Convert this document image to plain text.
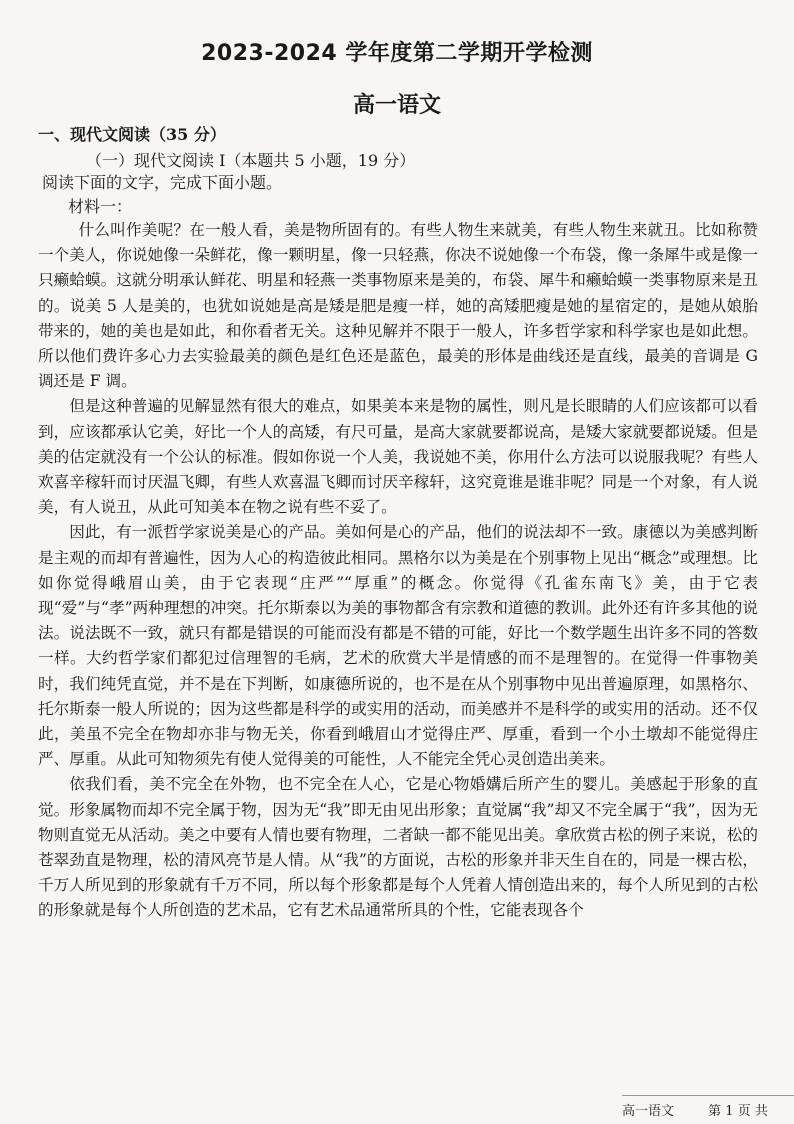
2023-2024 学年度第二学期开学检测
高一语文
一、现代文阅读（35 分）
（一）现代文阅读 I（本题共 5 小题，19 分）
阅读下面的文字，完成下面小题。
材料一：

什么叫作美呢？在一般人看，美是物所固有的。有些人物生来就美，有些人物生来就丑。比如称赞一个美人，你说她像一朵鲜花，像一颗明星，像一只轻燕，你决不说她像一个布袋，像一条犀牛或是像一只癞蛤蟆。这就分明承认鲜花、明星和轻燕一类事物原来是美的，布袋、犀牛和癞蛤蟆一类事物原来是丑的。说美 5 人是美的，也犹如说她是高是矮是肥是瘦一样，她的高矮肥瘦是她的星宿定的，是她从娘胎带来的，她的美也是如此，和你看者无关。这种见解并不限于一般人，许多哲学家和科学家也是如此想。所以他们费许多心力去实验最美的颜色是红色还是蓝色，最美的形体是曲线还是直线，最美的音调是 G 调还是 F 调。

但是这种普遍的见解显然有很大的难点，如果美本来是物的属性，则凡是长眼睛的人们应该都可以看到，应该都承认它美，好比一个人的高矮，有尺可量，是高大家就要都说高，是矮大家就要都说矮。但是美的估定就没有一个公认的标准。假如你说一个人美，我说她不美，你用什么方法可以说服我呢？有些人欢喜辛稼轩而讨厌温飞卿，有些人欢喜温飞卿而讨厌辛稼轩，这究竟谁是谁非呢？同是一个对象，有人说美，有人说丑，从此可知美本在物之说有些不妥了。

因此，有一派哲学家说美是心的产品。美如何是心的产品，他们的说法却不一致。康德以为美感判断是主观的而却有普遍性，因为人心的构造彼此相同。黑格尔以为美是在个别事物上见出“概念”或理想。比如你觉得峨眉山美，由于它表现“庄严”“厚重”的概念。你觉得《孔雀东南飞》美，由于它表现“爱”与“孝”两种理想的冲突。托尔斯泰以为美的事物都含有宗教和道德的教训。此外还有许多其他的说法。说法既不一致，就只有都是错误的可能而没有都是不错的可能，好比一个数学题生出许多不同的答数一样。大约哲学家们都犯过信理智的毛病，艺术的欣赏大半是情感的而不是理智的。在觉得一件事物美时，我们纯凭直觉，并不是在下判断，如康德所说的，也不是在从个别事物中见出普遍原理，如黑格尔、托尔斯泰一般人所说的；因为这些都是科学的或实用的活动，而美感并不是科学的或实用的活动。还不仅此，美虽不完全在物却亦非与物无关，你看到峨眉山才觉得庄严、厚重，看到一个小土墩却不能觉得庄严、厚重。从此可知物须先有使人觉得美的可能性，人不能完全凭心灵创造出美来。

依我们看，美不完全在外物，也不完全在人心，它是心物婚媾后所产生的婴儿。美感起于形象的直觉。形象属物而却不完全属于物，因为无“我”即无由见出形象；直觉属“我”却又不完全属于“我”，因为无物则直觉无从活动。美之中要有人情也要有物理，二者缺一都不能见出美。拿欣赏古松的例子来说，松的苍翠劲直是物理，松的清风亮节是人情。从“我”的方面说，古松的形象并非天生自在的，同是一棵古松，千万人所见到的形象就有千万不同，所以每个形象都是每个人凭着人情创造出来的，每个人所见到的古松的形象就是每个人所创造的艺术品，它有艺术品通常所具的个性，它能表现各个

高一语文	第 1 页 共
